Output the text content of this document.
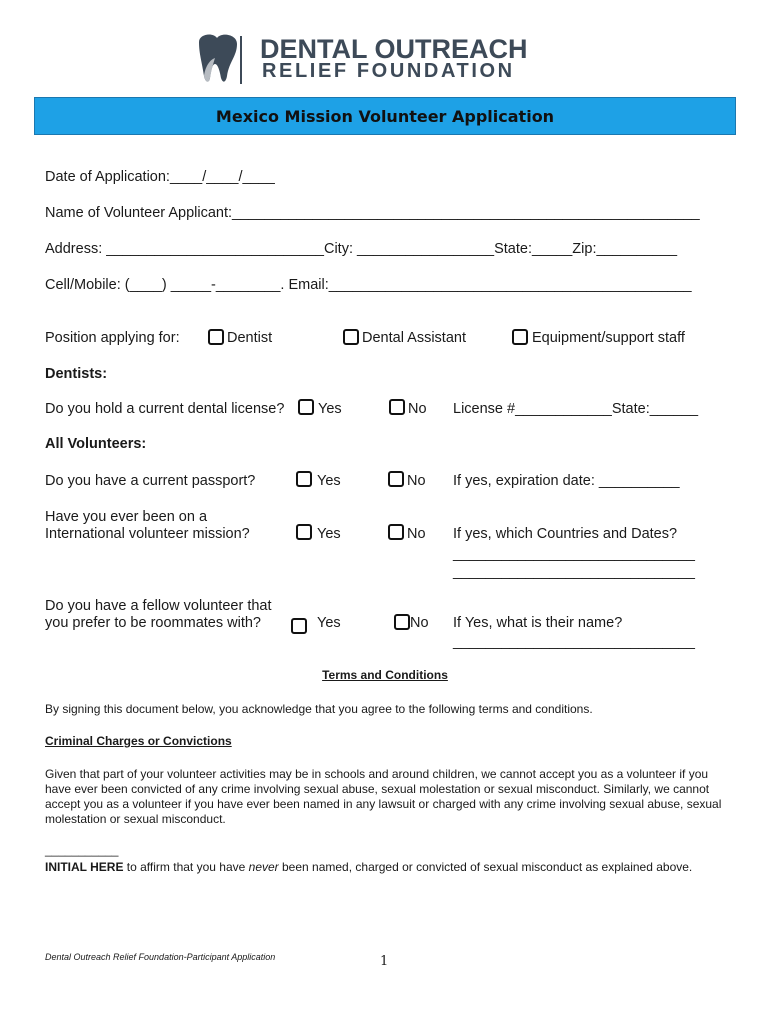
DENTAL OUTREACH
RELIEF FOUNDATION
Mexico Mission Volunteer Application
Date of Application:____/____/____
Name of Volunteer Applicant:__________________________________________________________
Address: ___________________________City: _________________State:_____Zip:__________
Cell/Mobile: (____) _____-________. Email:_____________________________________________
Position applying for:	Dentist	Dental Assistant	Equipment/support staff
Dentists:
Do you hold a current dental license? Yes	No License #____________State:______
All Volunteers:
Do you have a current passport?	Yes	No If yes, expiration date: __________
Have you ever been on a
International volunteer mission?	Yes	No If yes, which Countries and Dates?
______________________________
______________________________
Do you have a fellow volunteer that
you prefer to be roommates with?	Yes	No If Yes, what is their name?
______________________________
Terms and Conditions
By signing this document below, you acknowledge that you agree to the following terms and conditions.
Criminal Charges or Convictions
Given that part of your volunteer activities may be in schools and around children, we cannot accept you as a volunteer if you have ever been convicted of any crime involving sexual abuse, sexual molestation or sexual misconduct. Similarly, we cannot accept you as a volunteer if you have ever been named in any lawsuit or charged with any crime involving sexual abuse, sexual molestation or sexual misconduct.
___________
INITIAL HERE to affirm that you have never been named, charged or convicted of sexual misconduct as explained above.
Dental Outreach Relief Foundation-Participant Application	1
